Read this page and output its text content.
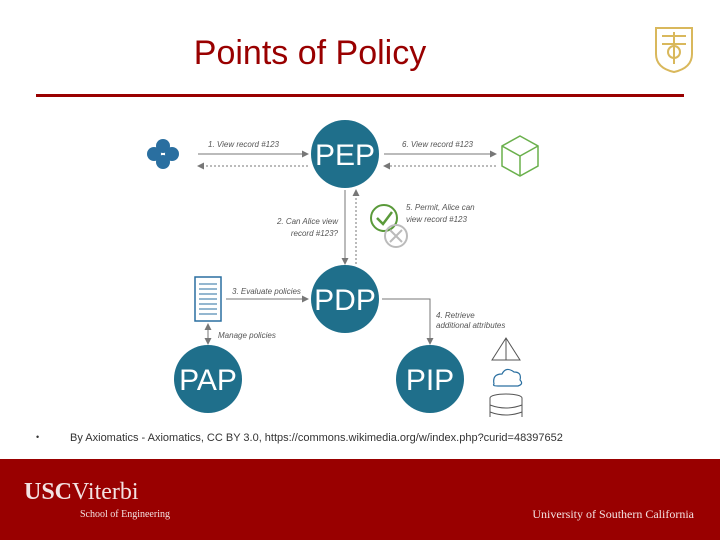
Points of Policy
1. View record #123	6. View record #123
2. Can Alice view
record #123?
5. Permit, Alice can
view record #123
3. Evaluate policies
Manage policies
4. Retrieve
additional attributes
PEP
PDP
PAP	PIP
•	By Axiomatics - Axiomatics, CC BY 3.0, https://commons.wikimedia.org/w/index.php?curid=48397652
USCViterbi
School of Engineering	University of Southern California
